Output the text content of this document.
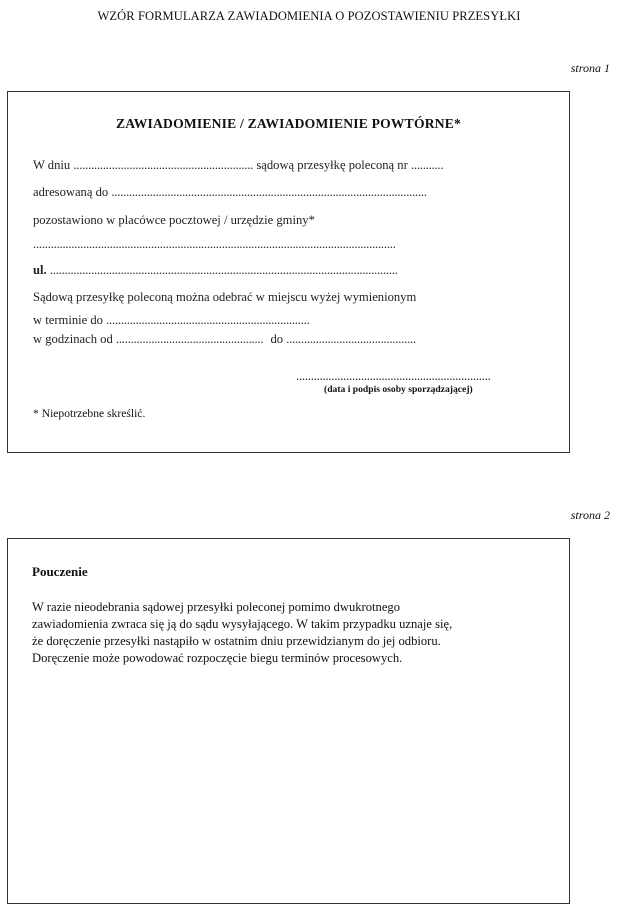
WZÓR FORMULARZA ZAWIADOMIENIA O POZOSTAWIENIU PRZESYŁKI
strona 1
ZAWIADOMIENIE / ZAWIADOMIENIE POWTÓRNE*
W dniu ............................................................. sądową przesyłkę poleconą nr ...........
adresowaną do ...........................................................................................................
pozostawiono w placówce pocztowej / urzędzie gminy*
...........................................................................................................................
ul. ......................................................................................................................
Sądową przesyłkę poleconą można odebrać w miejscu wyżej wymienionym
w terminie do .....................................................................
w godzinach od .................................................. do ............................................
..................................................................
(data i podpis osoby sporządzającej)
* Niepotrzebne skreślić.
strona 2
Pouczenie
W razie nieodebrania sądowej przesyłki poleconej pomimo dwukrotnego
zawiadomienia zwraca się ją do sądu wysyłającego. W takim przypadku uznaje się,
że doręczenie przesyłki nastąpiło w ostatnim dniu przewidzianym do jej odbioru.
Doręczenie może powodować rozpoczęcie biegu terminów procesowych.
